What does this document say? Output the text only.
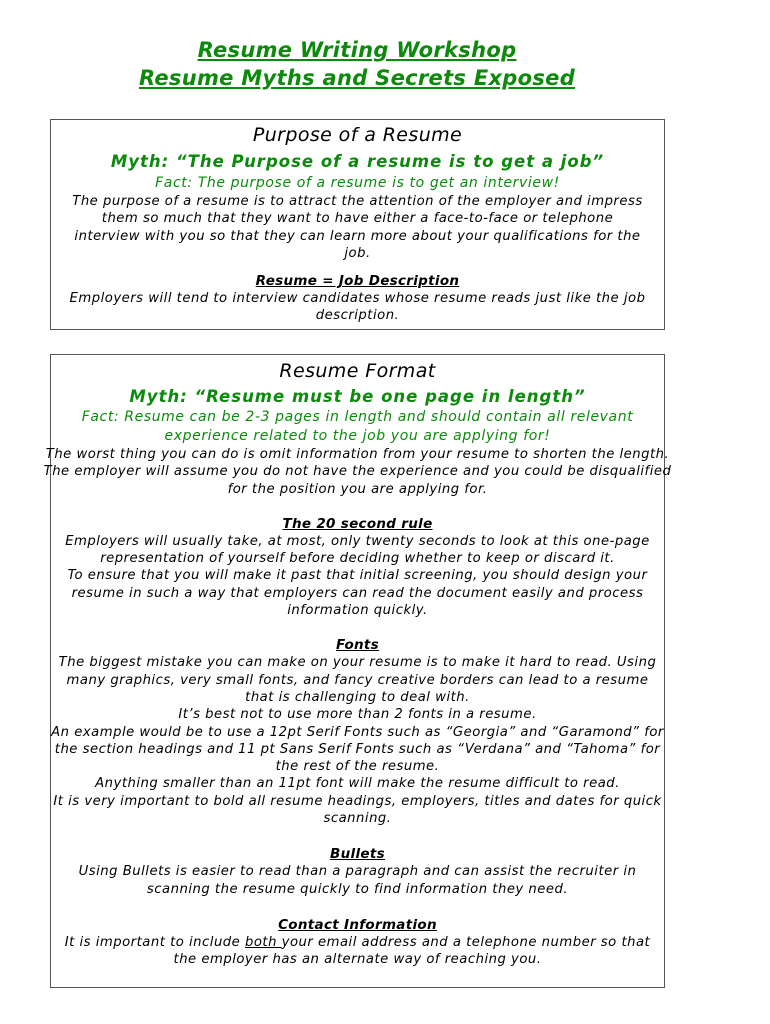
Resume Writing Workshop
Resume Myths and Secrets Exposed
Purpose of a Resume
Myth: “The Purpose of a resume is to get a job”
Fact: The purpose of a resume is to get an interview!
The purpose of a resume is to attract the attention of the employer and impress them so much that they want to have either a face-to-face or telephone interview with you so that they can learn more about your qualifications for the job.
Resume = Job Description
Employers will tend to interview candidates whose resume reads just like the job description.
Resume Format
Myth: “Resume must be one page in length”
Fact: Resume can be 2-3 pages in length and should contain all relevant experience related to the job you are applying for!
The worst thing you can do is omit information from your resume to shorten the length. The employer will assume you do not have the experience and you could be disqualified for the position you are applying for.
The 20 second rule
Employers will usually take, at most, only twenty seconds to look at this one-page representation of yourself before deciding whether to keep or discard it.
To ensure that you will make it past that initial screening, you should design your resume in such a way that employers can read the document easily and process information quickly.
Fonts
The biggest mistake you can make on your resume is to make it hard to read. Using many graphics, very small fonts, and fancy creative borders can lead to a resume that is challenging to deal with.
It’s best not to use more than 2 fonts in a resume.
An example would be to use a 12pt Serif Fonts such as “Georgia” and “Garamond” for the section headings and 11 pt Sans Serif Fonts such as “Verdana” and “Tahoma” for the rest of the resume.
Anything smaller than an 11pt font will make the resume difficult to read.
It is very important to bold all resume headings, employers, titles and dates for quick scanning.
Bullets
Using Bullets is easier to read than a paragraph and can assist the recruiter in scanning the resume quickly to find information they need.
Contact Information
It is important to include both your email address and a telephone number so that the employer has an alternate way of reaching you.
